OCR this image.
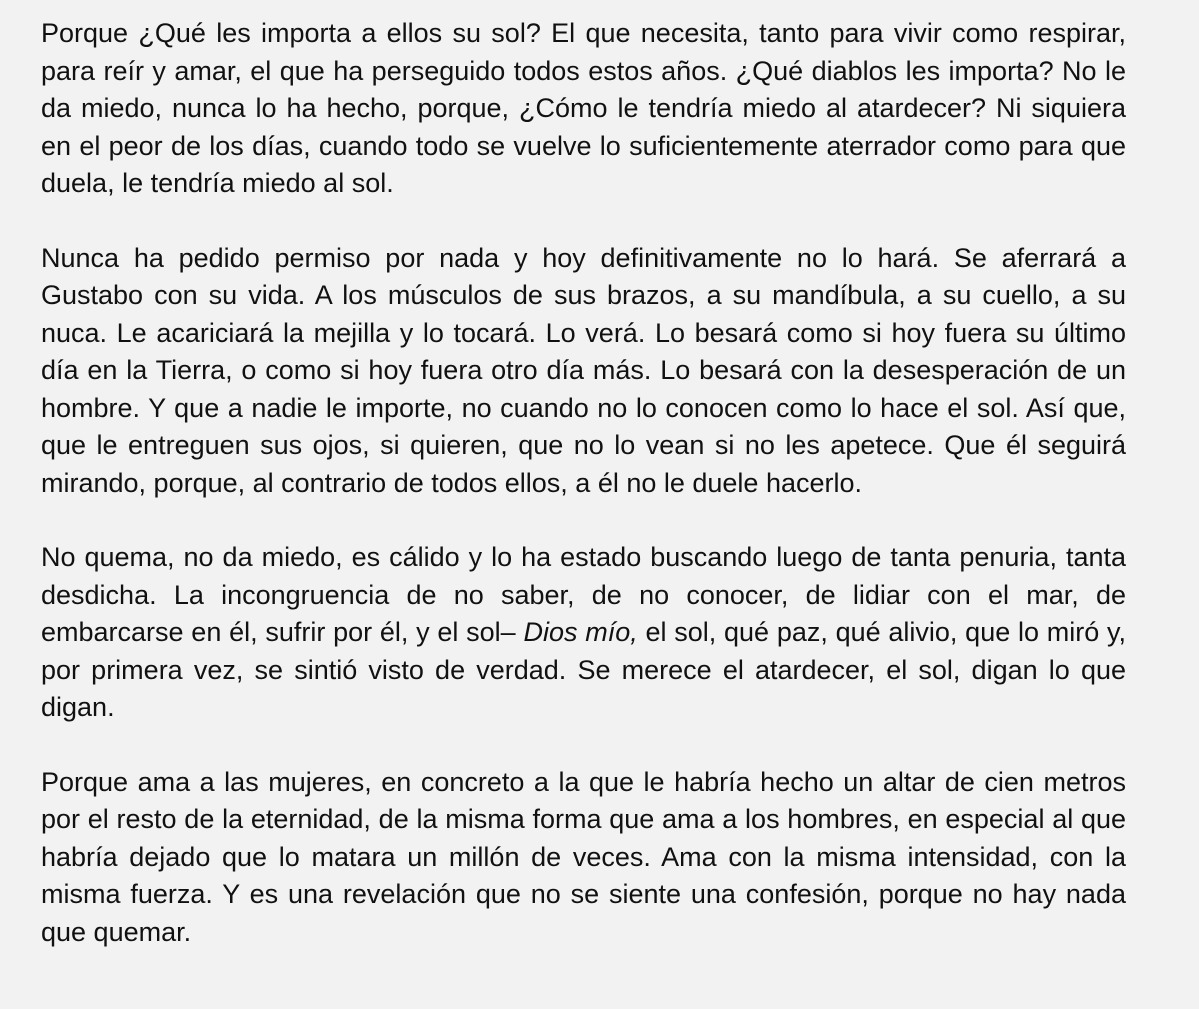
Porque ¿Qué les importa a ellos su sol? El que necesita, tanto para vivir como respirar, para reír y amar, el que ha perseguido todos estos años. ¿Qué diablos les importa? No le da miedo, nunca lo ha hecho, porque, ¿Cómo le tendría miedo al atardecer? Ni siquiera en el peor de los días, cuando todo se vuelve lo suficientemente aterrador como para que duela, le tendría miedo al sol.

Nunca ha pedido permiso por nada y hoy definitivamente no lo hará. Se aferrará a Gustabo con su vida. A los músculos de sus brazos, a su mandíbula, a su cuello, a su nuca. Le acariciará la mejilla y lo tocará. Lo verá. Lo besará como si hoy fuera su último día en la Tierra, o como si hoy fuera otro día más. Lo besará con la desesperación de un hombre. Y que a nadie le importe, no cuando no lo conocen como lo hace el sol. Así que, que le entreguen sus ojos, si quieren, que no lo vean si no les apetece. Que él seguirá mirando, porque, al contrario de todos ellos, a él no le duele hacerlo.

No quema, no da miedo, es cálido y lo ha estado buscando luego de tanta penuria, tanta desdicha. La incongruencia de no saber, de no conocer, de lidiar con el mar, de embarcarse en él, sufrir por él, y el sol– Dios mío, el sol, qué paz, qué alivio, que lo miró y, por primera vez, se sintió visto de verdad. Se merece el atardecer, el sol, digan lo que digan.

Porque ama a las mujeres, en concreto a la que le habría hecho un altar de cien metros por el resto de la eternidad, de la misma forma que ama a los hombres, en especial al que habría dejado que lo matara un millón de veces. Ama con la misma intensidad, con la misma fuerza. Y es una revelación que no se siente una confesión, porque no hay nada que quemar.
